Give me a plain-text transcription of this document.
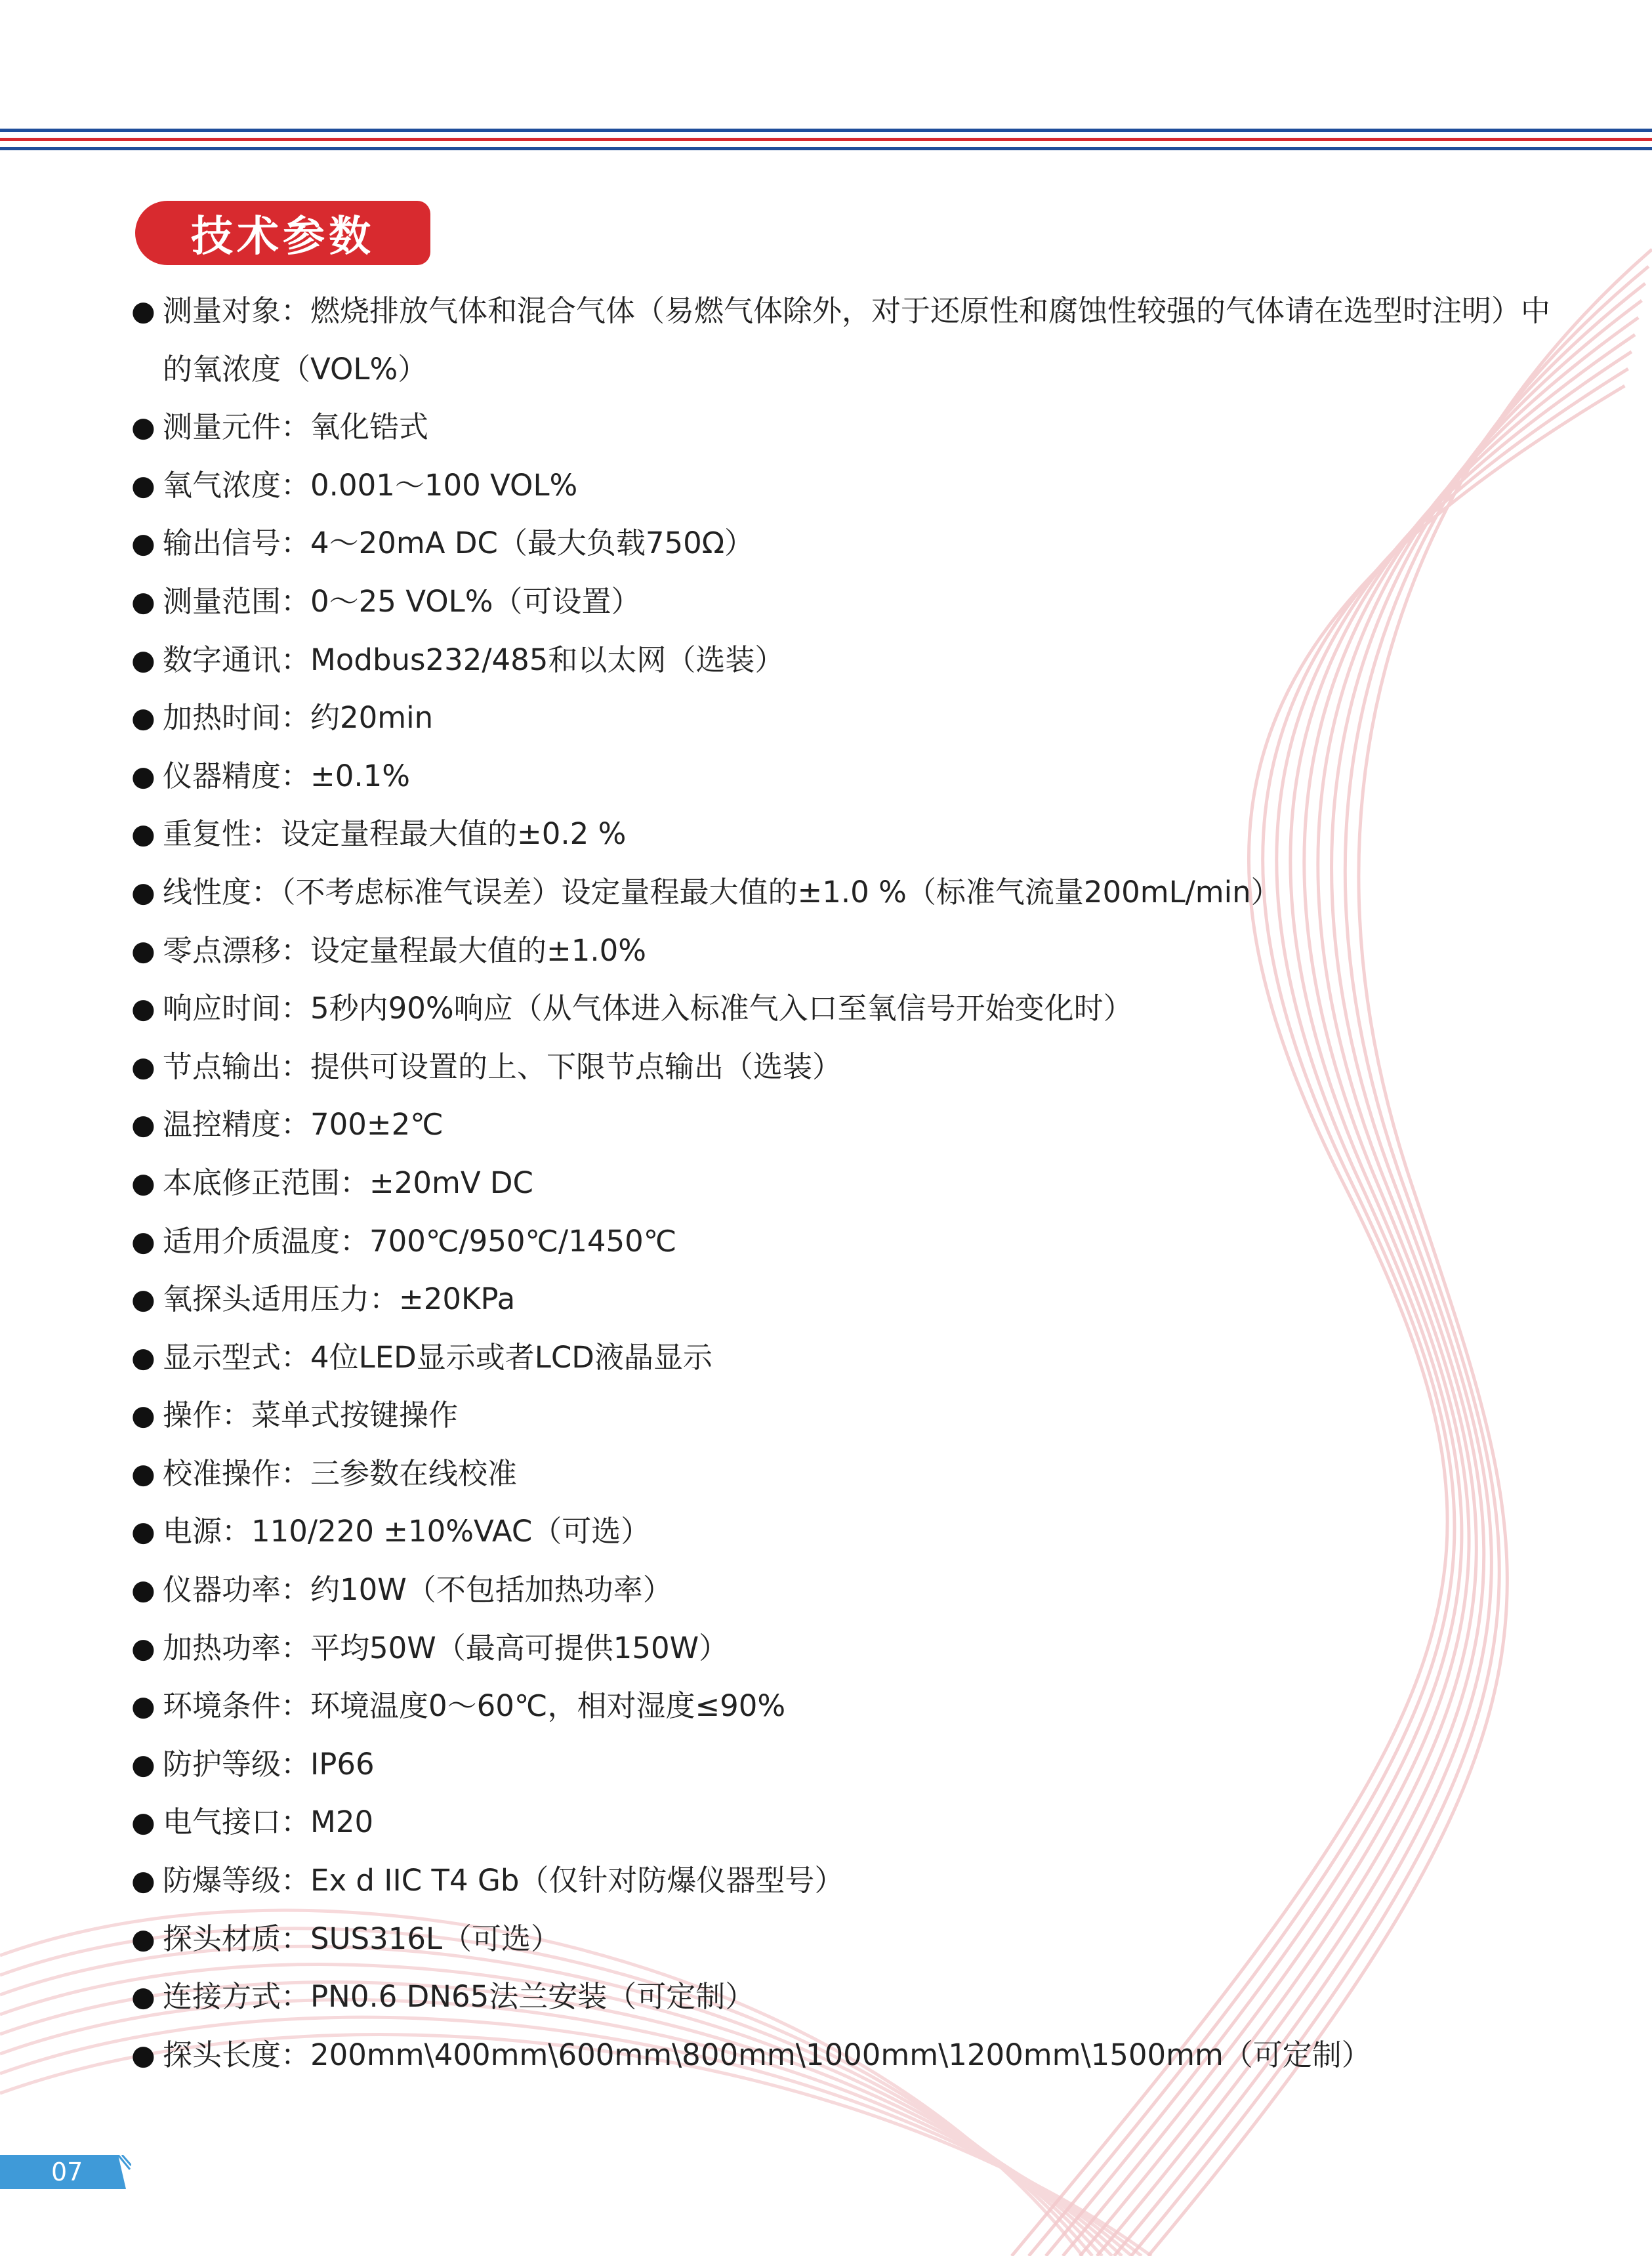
技术参数
● 测量对象：燃烧排放气体和混合气体（易燃气体除外，对于还原性和腐蚀性较强的气体请在选型时注明）中的氧浓度（VOL%）
● 测量元件：氧化锆式
● 氧气浓度：0.001～100 VOL%
● 输出信号：4～20mA DC（最大负载750Ω）
● 测量范围：0～25 VOL%（可设置）
● 数字通讯：Modbus232/485和以太网（选装）
● 加热时间：约20min
● 仪器精度：±0.1%
● 重复性：设定量程最大值的±0.2 %
● 线性度：（不考虑标准气误差）设定量程最大值的±1.0 %（标准气流量200mL/min）
● 零点漂移：设定量程最大值的±1.0%
● 响应时间：5秒内90%响应（从气体进入标准气入口至氧信号开始变化时）
● 节点输出：提供可设置的上、下限节点输出（选装）
● 温控精度：700±2℃
● 本底修正范围：±20mV DC
● 适用介质温度：700℃/950℃/1450℃
● 氧探头适用压力：±20KPa
● 显示型式：4位LED显示或者LCD液晶显示
● 操作：菜单式按键操作
● 校准操作：三参数在线校准
● 电源：110/220 ±10%VAC（可选）
● 仪器功率：约10W（不包括加热功率）
● 加热功率：平均50W（最高可提供150W）
● 环境条件：环境温度0～60℃，相对湿度≤90%
● 防护等级：IP66
● 电气接口：M20
● 防爆等级：Ex d IIC T4 Gb（仅针对防爆仪器型号）
● 探头材质：SUS316L（可选）
● 连接方式：PN0.6 DN65法兰安装（可定制）
● 探头长度：200mm\400mm\600mm\800mm\1000mm\1200mm\1500mm（可定制）
07
